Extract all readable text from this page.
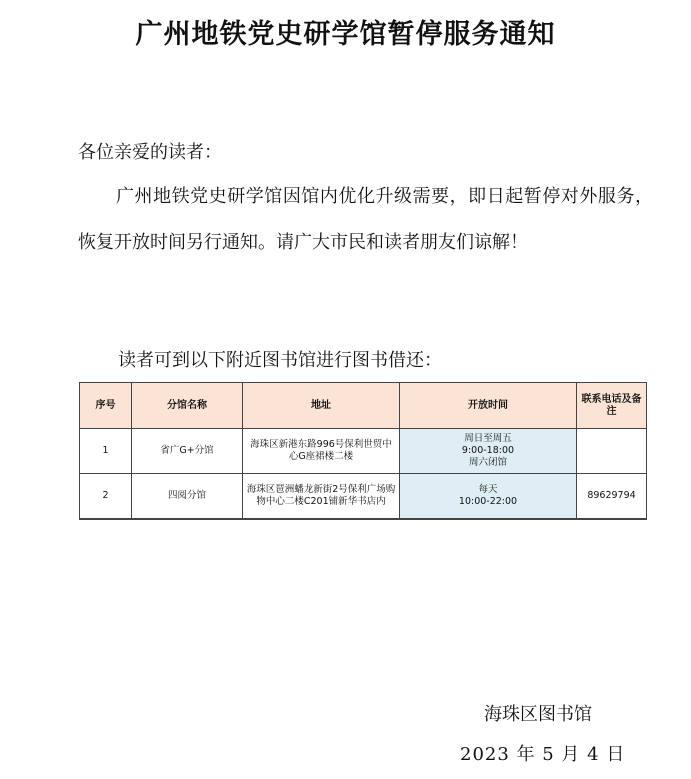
广州地铁党史研学馆暂停服务通知
各位亲爱的读者：
广州地铁党史研学馆因馆内优化升级需要，即日起暂停对外服务，恢复开放时间另行通知。请广大市民和读者朋友们谅解！
读者可到以下附近图书馆进行图书借还：
序号	分馆名称	地址	开放时间	联系电话及备注
1	省广G+分馆	海珠区新港东路996号保利世贸中心G座裙楼二楼	周日至周五
9:00-18:00
周六闭馆	

2	四阅分馆	海珠区琶洲蟠龙新街2号保利广场购物中心二楼C201铺新华书店内	每天
10:00-22:00	89629794
海珠区图书馆
2023 年 5 月 4 日
